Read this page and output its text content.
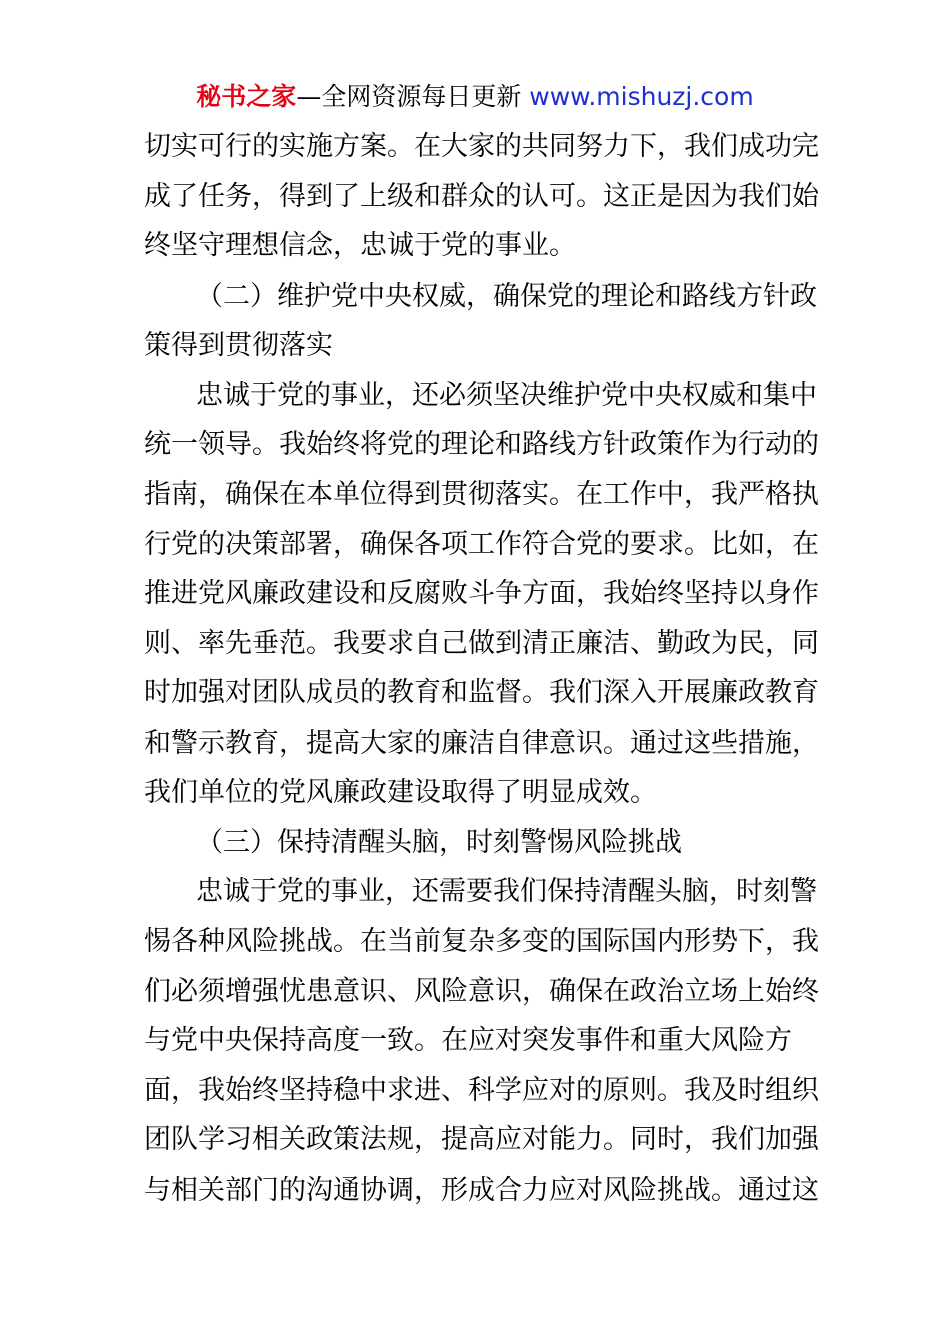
秘书之家—全网资源每日更新 www.mishuzj.com
切实可行的实施方案。在大家的共同努力下，我们成功完
成了任务，得到了上级和群众的认可。这正是因为我们始
终坚守理想信念，忠诚于党的事业。
（二）维护党中央权威，确保党的理论和路线方针政
策得到贯彻落实
忠诚于党的事业，还必须坚决维护党中央权威和集中
统一领导。我始终将党的理论和路线方针政策作为行动的
指南，确保在本单位得到贯彻落实。在工作中，我严格执
行党的决策部署，确保各项工作符合党的要求。比如，在
推进党风廉政建设和反腐败斗争方面，我始终坚持以身作
则、率先垂范。我要求自己做到清正廉洁、勤政为民，同
时加强对团队成员的教育和监督。我们深入开展廉政教育
和警示教育，提高大家的廉洁自律意识。通过这些措施，
我们单位的党风廉政建设取得了明显成效。
（三）保持清醒头脑，时刻警惕风险挑战
忠诚于党的事业，还需要我们保持清醒头脑，时刻警
惕各种风险挑战。在当前复杂多变的国际国内形势下，我
们必须增强忧患意识、风险意识，确保在政治立场上始终
与党中央保持高度一致。在应对突发事件和重大风险方
面，我始终坚持稳中求进、科学应对的原则。我及时组织
团队学习相关政策法规，提高应对能力。同时，我们加强
与相关部门的沟通协调，形成合力应对风险挑战。通过这
